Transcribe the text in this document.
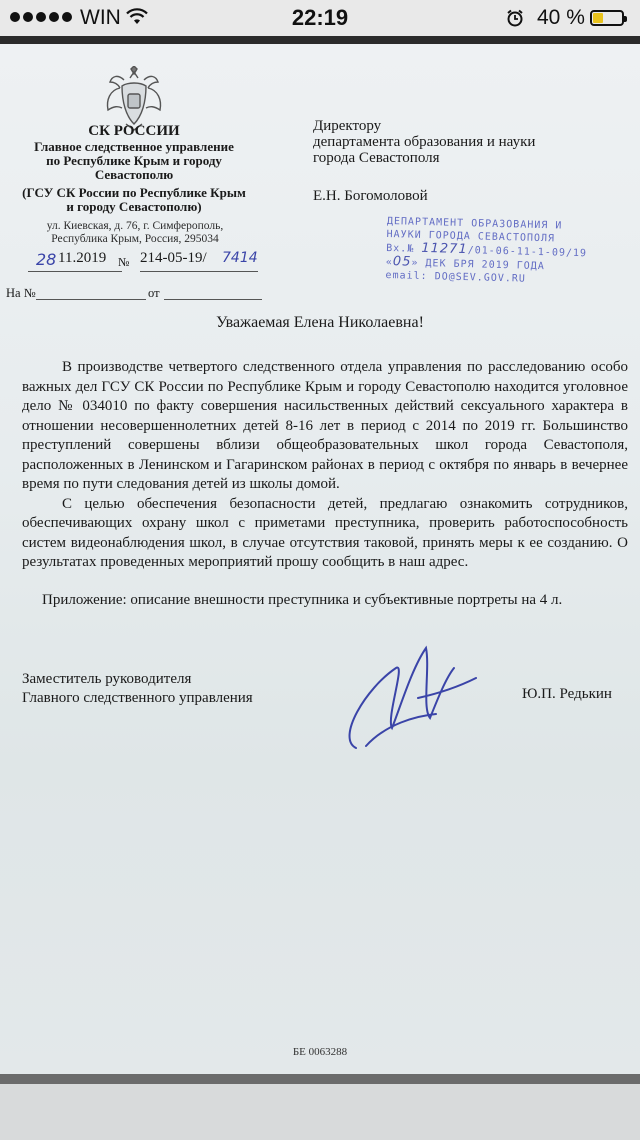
WIN	22:19	40 %
СК РОССИИ
Главное следственное управление
по Республике Крым и городу
Севастополю
(ГСУ СК России по Республике Крым
и городу Севастополю)
ул. Киевская, д. 76, г. Симферополь,
Республика Крым, Россия, 295034
28 11.2019 № 214-05-19/ 7414
На №	от
Директору
департамента образования и науки
города Севастополя
Е.Н. Богомоловой
ДЕПАРТАМЕНТ ОБРАЗОВАНИЯ И
НАУКИ ГОРОДА СЕВАСТОПОЛЯ
Вх.№ 11271/01-06-11-1-09/19
«05» ДЕК БРЯ 2019 ГОДА
email: DO@SEV.GOV.RU
Уважаемая Елена Николаевна!

В производстве четвертого следственного отдела управления по расследованию особо важных дел ГСУ СК России по Республике Крым и городу Севастополю находится уголовное дело № 034010 по факту совершения насильственных действий сексуального характера в отношении несовершеннолетних детей 8-16 лет в период с 2014 по 2019 гг. Большинство преступлений совершены вблизи общеобразовательных школ города Севастополя, расположенных в Ленинском и Гагаринском районах в период с октября по январь в вечернее время по пути следования детей из школы домой.

С целью обеспечения безопасности детей, предлагаю ознакомить сотрудников, обеспечивающих охрану школ с приметами преступника, проверить работоспособность систем видеонаблюдения школ, в случае отсутствия таковой, принять меры к ее созданию. О результатах проведенных мероприятий прошу сообщить в наш адрес.

Приложение: описание внешности преступника и субъективные портреты на 4 л.

Заместитель руководителя
Главного следственного управления	Ю.П. Редькин
БЕ 0063288
